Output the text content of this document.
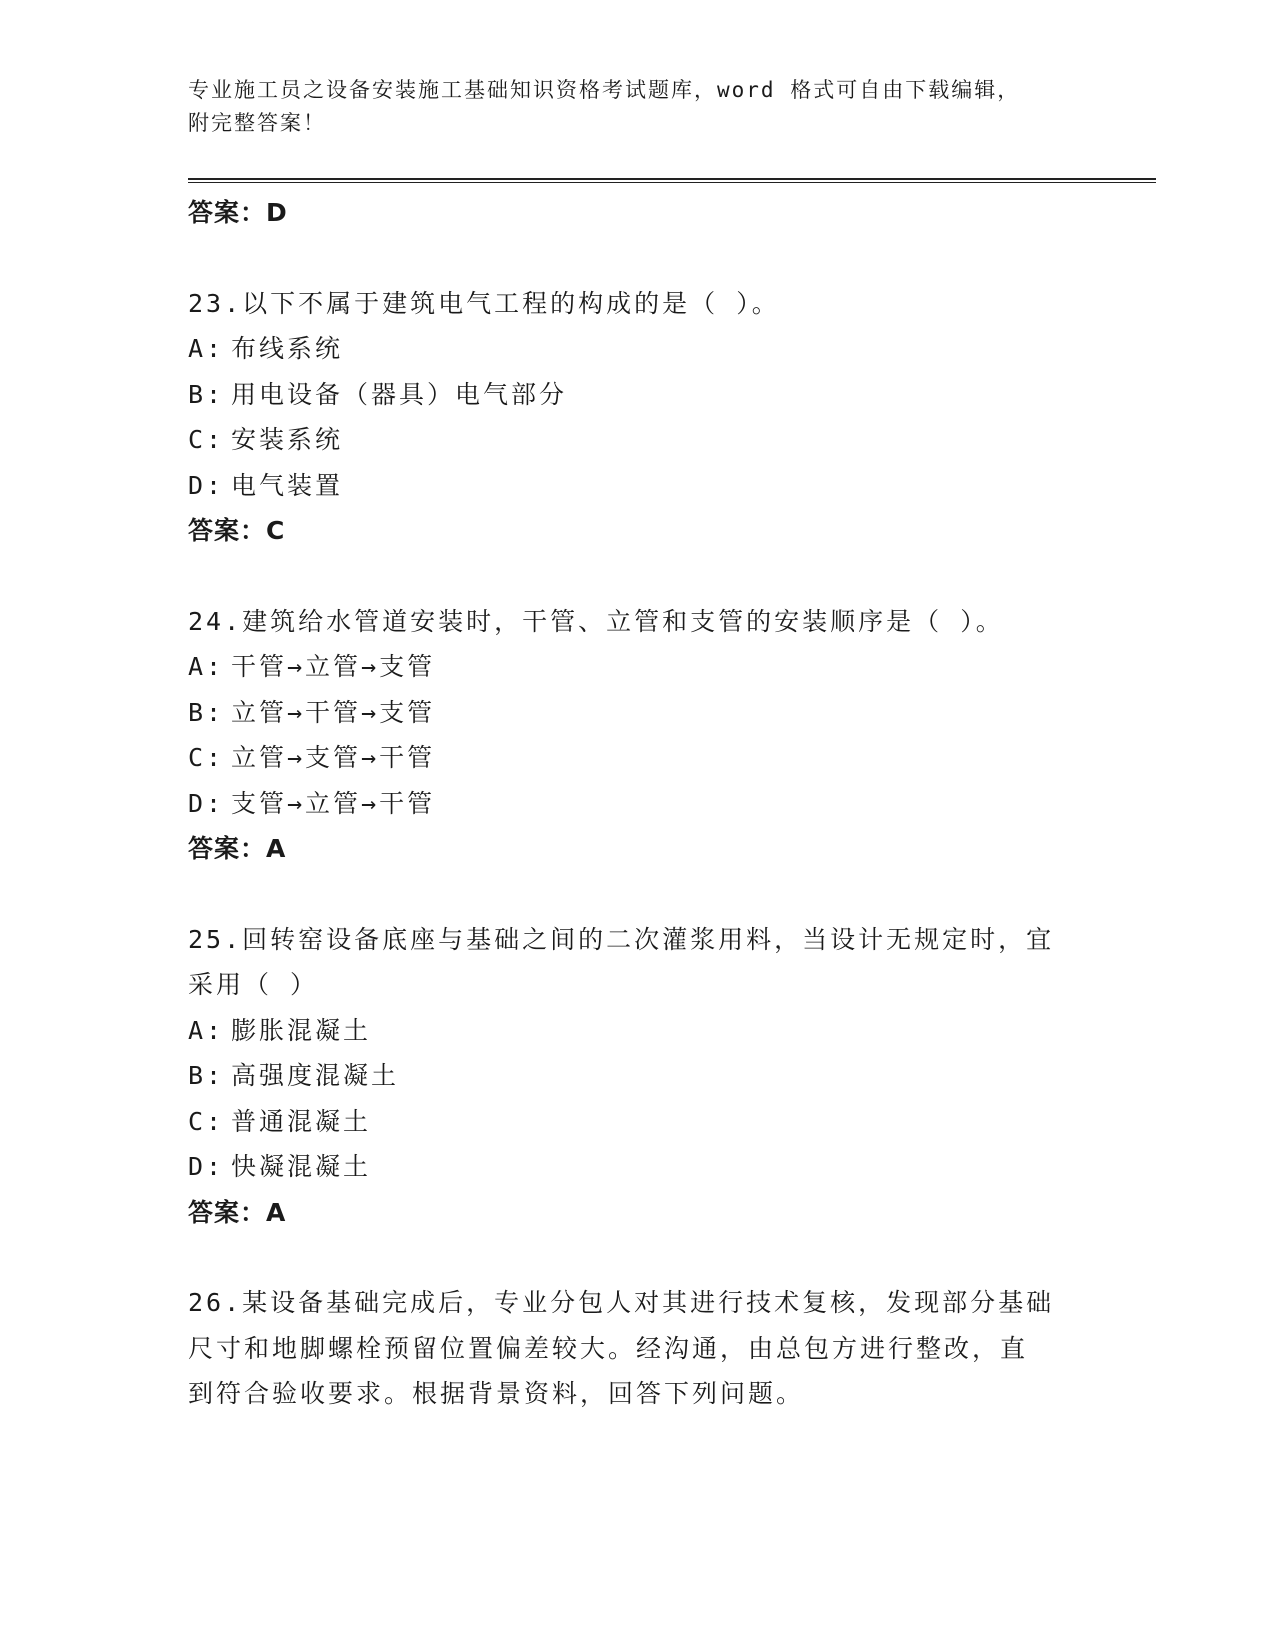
专业施工员之设备安装施工基础知识资格考试题库，word 格式可自由下载编辑，
附完整答案！
答案：D
23.以下不属于建筑电气工程的构成的是（ ）。
A: 布线系统
B: 用电设备（器具）电气部分
C: 安装系统
D: 电气装置
答案：C
24.建筑给水管道安装时，干管、立管和支管的安装顺序是（ ）。
A: 干管→立管→支管
B: 立管→干管→支管
C: 立管→支管→干管
D: 支管→立管→干管
答案：A
25.回转窑设备底座与基础之间的二次灌浆用料，当设计无规定时，宜
采用（ ）
A: 膨胀混凝土
B: 高强度混凝土
C: 普通混凝土
D: 快凝混凝土
答案：A
26.某设备基础完成后，专业分包人对其进行技术复核，发现部分基础
尺寸和地脚螺栓预留位置偏差较大。经沟通，由总包方进行整改，直
到符合验收要求。根据背景资料，回答下列问题。
